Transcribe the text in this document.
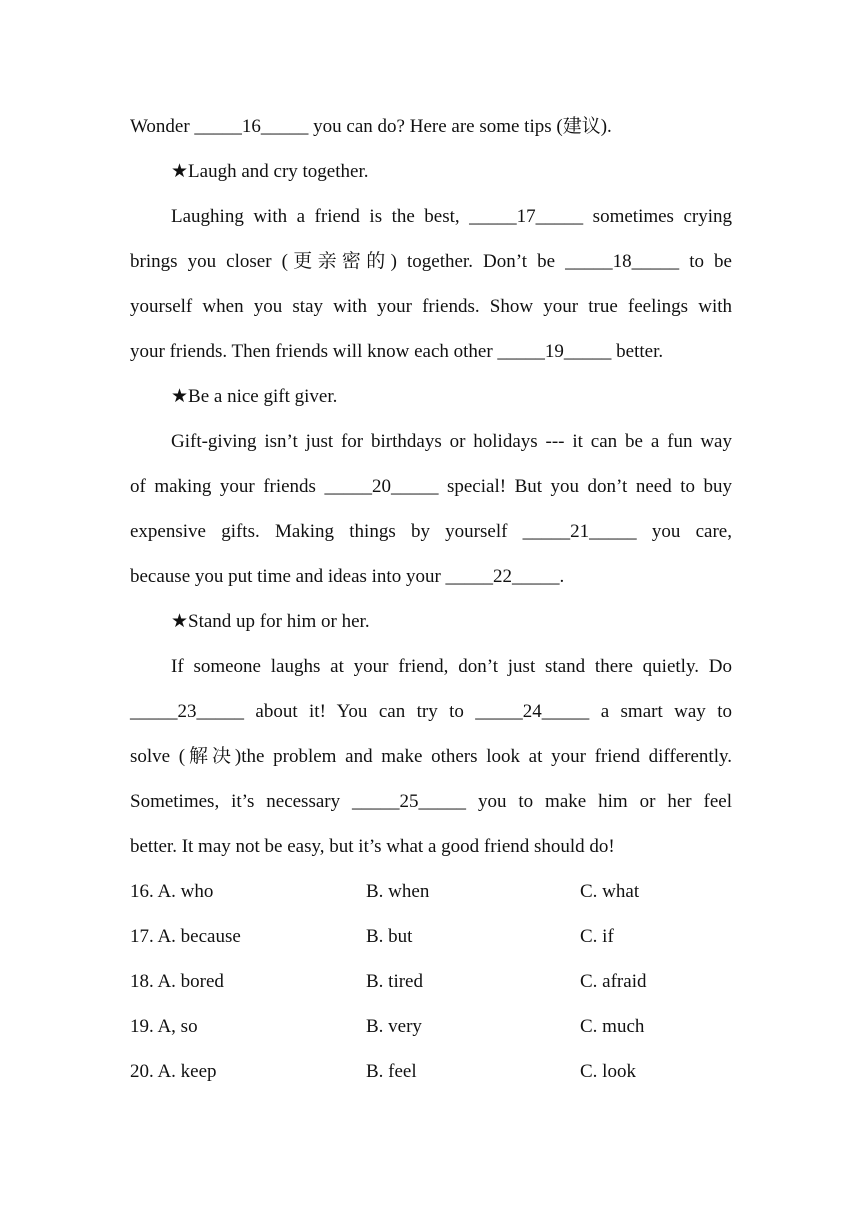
Wonder _____16_____ you can do? Here are some tips (建议).
★Laugh and cry together.
Laughing with a friend is the best, _____17_____ sometimes crying
brings you closer (更亲密的) together. Don’t be _____18_____ to be
yourself when you stay with your friends. Show your true feelings with
your friends. Then friends will know each other _____19_____ better.
★Be a nice gift giver.
Gift-giving isn’t just for birthdays or holidays --- it can be a fun way
of making your friends _____20_____ special! But you don’t need to buy
expensive gifts. Making things by yourself _____21_____ you care,
because you put time and ideas into your _____22_____.
★Stand up for him or her.
If someone laughs at your friend, don’t just stand there quietly. Do
_____23_____ about it! You can try to _____24_____ a smart way to
solve (解决)the problem and make others look at your friend differently.
Sometimes, it’s necessary _____25_____ you to make him or her feel
better. It may not be easy, but it’s what a good friend should do!
16. A. who	B. when	C. what
17. A. because	B. but	C. if
18. A. bored	B. tired	C. afraid
19. A, so	B. very	C. much
20. A. keep	B. feel	C. look
